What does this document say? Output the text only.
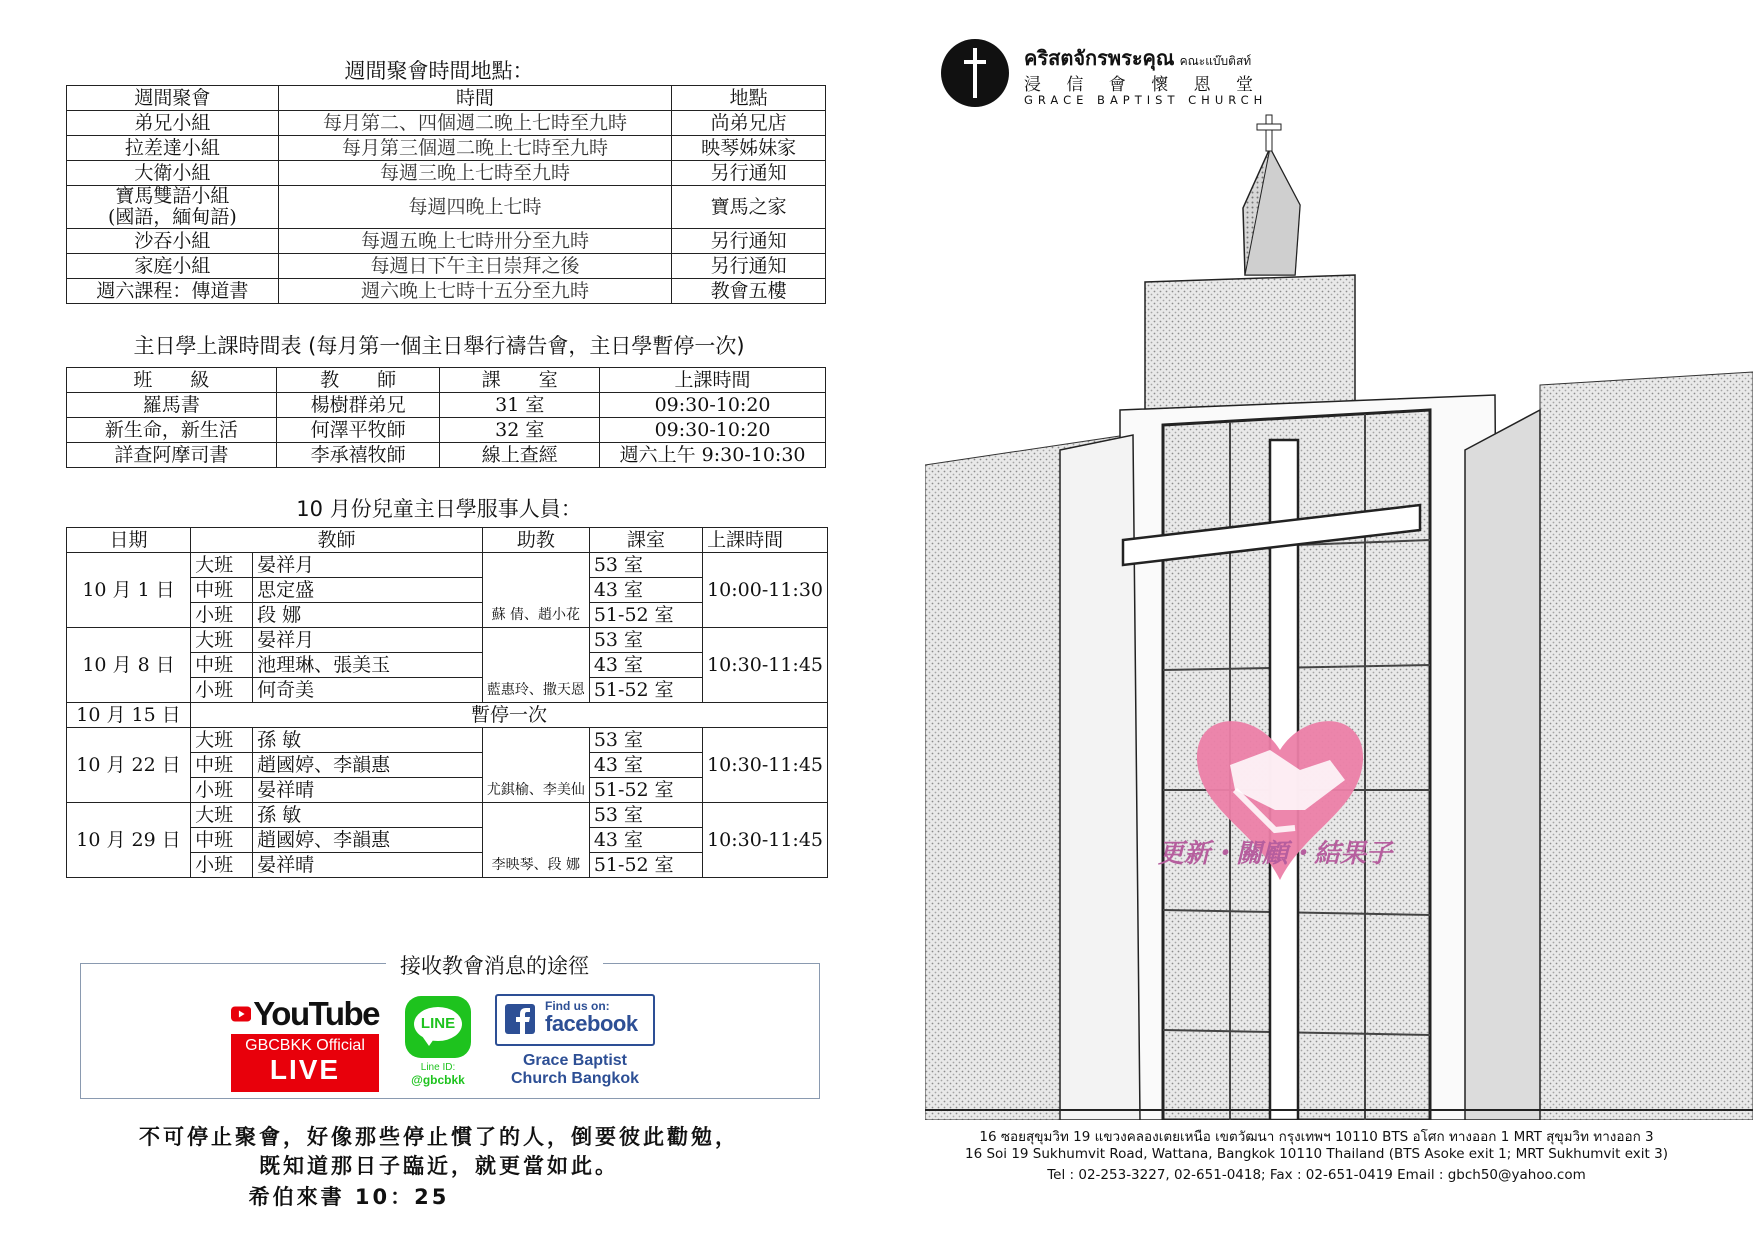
週間聚會時間地點：
週間聚會	時間	地點
弟兄小組	每月第二、四個週二晚上七時至九時	尚弟兄店
拉差達小組	每月第三個週二晚上七時至九時	映琴姊妹家
大衛小組	每週三晚上七時至九時	另行通知
寶馬雙語小組
(國語，緬甸語)	每週四晚上七時	寶馬之家
沙吞小組	每週五晚上七時卅分至九時	另行通知
家庭小組	每週日下午主日崇拜之後	另行通知
週六課程：傳道書	週六晚上七時十五分至九時	教會五樓
主日學上課時間表 (每月第一個主日舉行禱告會，主日學暫停一次)
班　　級	教　　師	課　　室	上課時間
羅馬書	楊樹群弟兄	31 室	09:30-10:20
新生命，新生活	何澤平牧師	32 室	09:30-10:20
詳查阿摩司書	李承禧牧師	線上查經	週六上午 9:30-10:30
10 月份兒童主日學服事人員：
日期	教師		助教	課室	上課時間
10 月 1 日	大班	晏祥月	蘇 倩、趙小花	53 室	10:00-11:30
	中班	思定盛		43 室	
	小班	段 娜		51-52 室	
10 月 8 日	大班	晏祥月	藍惠玲、撒天恩	53 室	10:30-11:45
	中班	池理琳、張美玉		43 室	
	小班	何奇美		51-52 室	
10 月 15 日	暫停一次				
10 月 22 日	大班	孫 敏	尤錤榆、李美仙	53 室	10:30-11:45
	中班	趙國婷、李韻惠		43 室	
	小班	晏祥晴		51-52 室	
10 月 29 日	大班	孫 敏	李映琴、段 娜	53 室	10:30-11:45
	中班	趙國婷、李韻惠		43 室	
	小班	晏祥晴		51-52 室	
接收教會消息的途徑
YouTube
GBCBKK Official
LIVE
LINE
Line ID:
@gbcbkk
Find us on:
facebook
Grace Baptist
Church Bangkok
不可停止聚會，好像那些停止慣了的人，倒要彼此勸勉，
既知道那日子臨近，就更當如此。
希伯來書 10：25
คริสตจักรพระคุณ คณะแบ๊บติสท์
浸 信 會 懷 恩 堂
GRACE BAPTIST CHURCH
更新・關顧・結果子
16 ซอยสุขุมวิท 19 แขวงคลองเตยเหนือ เขตวัฒนา กรุงเทพฯ 10110 BTS อโศก ทางออก 1 MRT สุขุมวิท ทางออก 3
16 Soi 19 Sukhumvit Road, Wattana, Bangkok 10110 Thailand (BTS Asoke exit 1; MRT Sukhumvit exit 3)
Tel : 02-253-3227, 02-651-0418; Fax : 02-651-0419 Email : gbch50@yahoo.com
